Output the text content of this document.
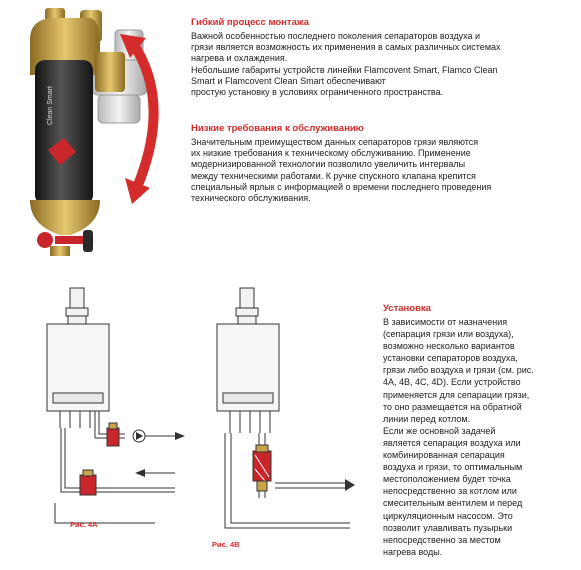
Clean Smart
Гибкий процесс монтажа
Важной особенностью последнего поколения сепараторов воздуха и
грязи является возможность их применения в самых различных системах
нагрева и охлаждения.
Небольшие габариты устройств линейки Flamcovent Smart, Flamco Clean
Smart и Flamcovent Clean Smart обеспечивают
простую установку в условиях ограниченного пространства.
Низкие требования к обслуживанию
Значительным преимуществом данных сепараторов грязи являются
их низкие требования к техническому обслуживанию. Применение
модернизированной технологии позволило увеличить интервалы
между техническими работами. К ручке спускного клапана крепится
специальный ярлык с информацией о времени последнего проведения
технического обслуживания.
Рис. 4A
Рис. 4B
Установка
В зависимости от назначения
(сепарация грязи или воздуха),
возможно несколько вариантов
установки сепараторов воздуха,
грязи либо воздуха и грязи (см. рис.
4A, 4B, 4C, 4D). Если устройство
применяется для сепарации грязи,
то оно размещается на обратной
линии перед котлом.
Если же основной задачей
является сепарация воздуха или
комбинированная сепарация
воздуха и грязи, то оптимальным
местоположением будет точка
непосредственно за котлом или
смесительным вентилем и перед
циркуляционным насосом. Это
позволит улавливать пузырьки
непосредственно за местом
нагрева воды.
